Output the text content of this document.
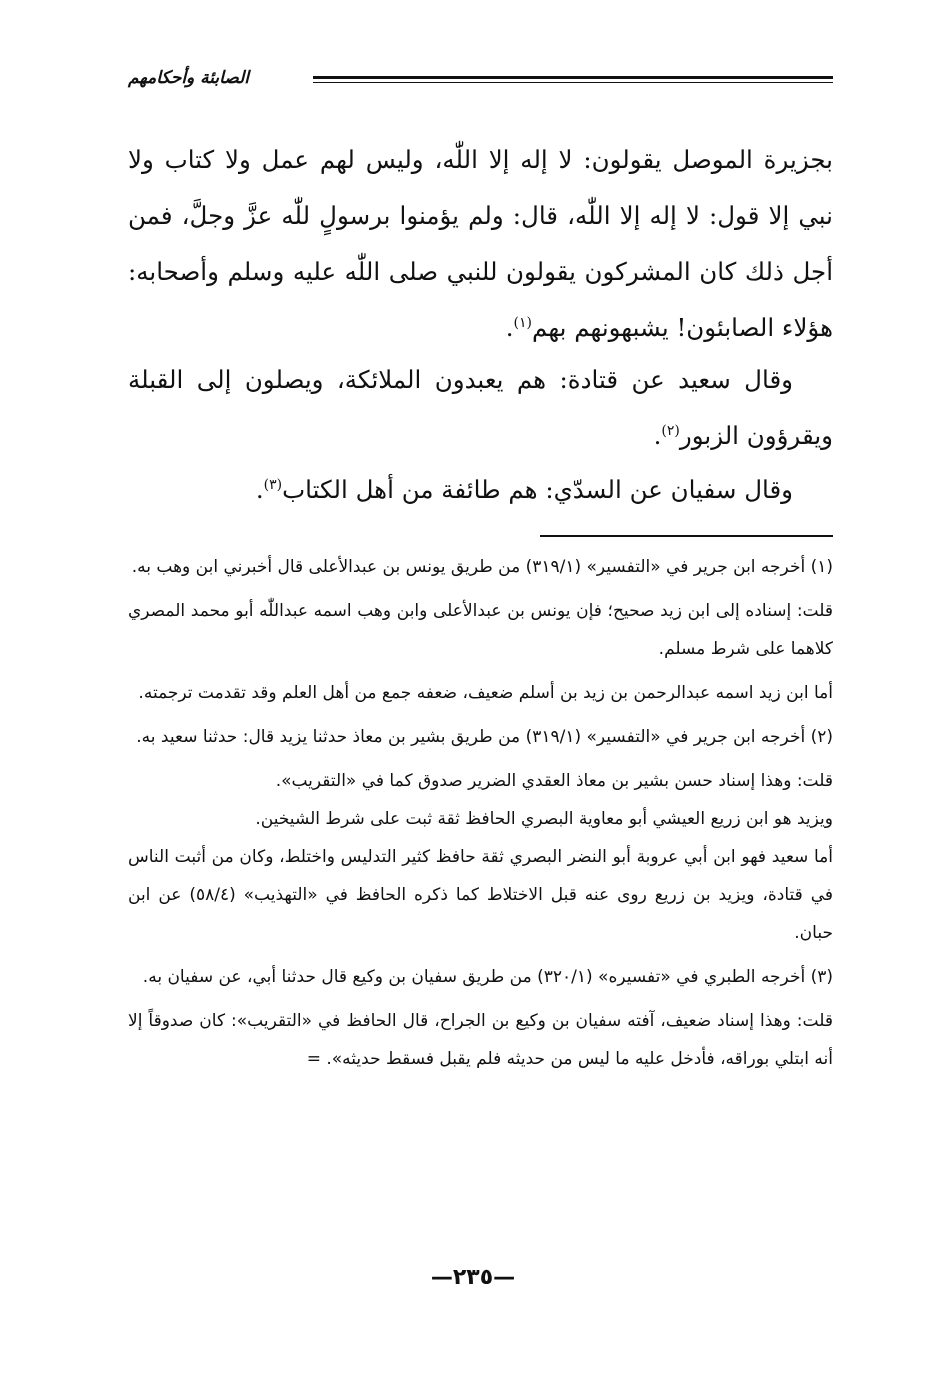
الصابئة وأحكامهم

بجزيرة الموصل يقولون: لا إله إلا اللّٰه، وليس لهم عمل ولا كتاب ولا نبي إلا قول: لا إله إلا اللّٰه، قال: ولم يؤمنوا برسولٍ للّٰه عزَّ وجلَّ، فمن أجل ذلك كان المشركون يقولون للنبي صلى اللّٰه عليه وسلم وأصحابه: هؤلاء الصابئون! يشبهونهم بهم$^{(١)}$.

وقال سعيد عن قتادة: هم يعبدون الملائكة، ويصلون إلى القبلة ويقرؤون الزبور$^{(٢)}$.

وقال سفيان عن السدّي: هم طائفة من أهل الكتاب$^{(٣)}$.

(١) أخرجه ابن جرير في «التفسير» (٣١٩/١) من طريق يونس بن عبدالأعلى قال أخبرني ابن وهب به.

قلت: إسناده إلى ابن زيد صحيح؛ فإن يونس بن عبدالأعلى وابن وهب اسمه عبداللّٰه أبو محمد المصري كلاهما على شرط مسلم.

أما ابن زيد اسمه عبدالرحمن بن زيد بن أسلم ضعيف، ضعفه جمع من أهل العلم وقد تقدمت ترجمته.

(٢) أخرجه ابن جرير في «التفسير» (٣١٩/١) من طريق بشير بن معاذ حدثنا يزيد قال: حدثنا سعيد به.

قلت: وهذا إسناد حسن بشير بن معاذ العقدي الضرير صدوق كما في «التقريب».

ويزيد هو ابن زريع العيشي أبو معاوية البصري الحافظ ثقة ثبت على شرط الشيخين.

أما سعيد فهو ابن أبي عروبة أبو النضر البصري ثقة حافظ كثير التدليس واختلط، وكان من أثبت الناس في قتادة، ويزيد بن زريع روى عنه قبل الاختلاط كما ذكره الحافظ في «التهذيب» (٥٨/٤) عن ابن حبان.

(٣) أخرجه الطبري في «تفسيره» (٣٢٠/١) من طريق سفيان بن وكيع قال حدثنا أبي، عن سفيان به.

قلت: وهذا إسناد ضعيف، آفته سفيان بن وكيع بن الجراح، قال الحافظ في «التقريب»: كان صدوقاً إلا أنه ابتلي بوراقه، فأدخل عليه ما ليس من حديثه فلم يقبل فسقط حديثه». =

—٢٣٥—
